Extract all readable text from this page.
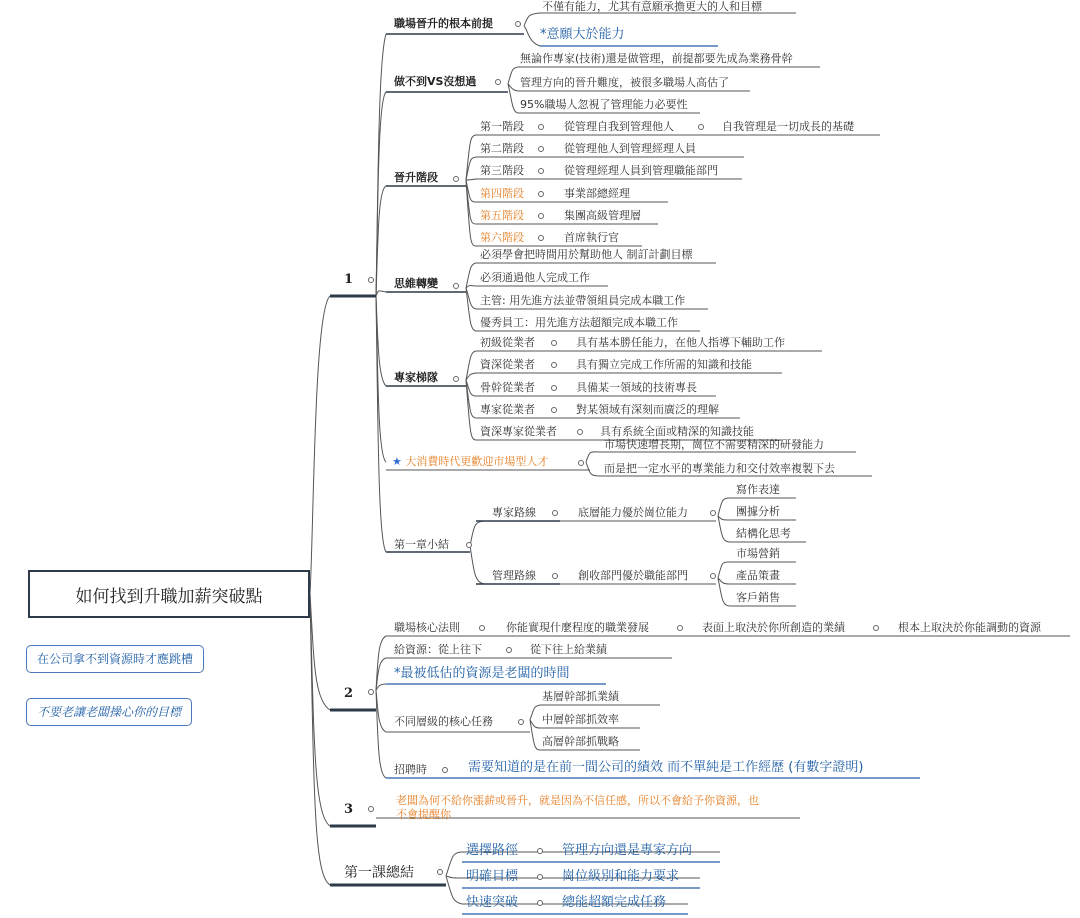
如何找到升職加薪突破點
在公司拿不到資源時才應跳槽
不要老讓老闆操心你的目標
1
職場晉升的根本前提
不僅有能力，尤其有意願承擔更大的人和目標
*意願大於能力
做不到VS沒想過
無論作專家(技術)還是做管理，前提都要先成為業務骨幹
管理方向的晉升難度，被很多職場人高估了
95%職場人忽視了管理能力必要性
晉升階段
第一階段	從管理自我到管理他人	自我管理是一切成長的基礎
第二階段	從管理他人到管理經理人員
第三階段	從管理經理人員到管理職能部門
第四階段	事業部總經理
第五階段	集團高級管理層
第六階段	首席執行官
思維轉變
必須學會把時間用於幫助他人 制訂計劃目標
必須通過他人完成工作
主管: 用先進方法並帶領組員完成本職工作
優秀員工：用先進方法超額完成本職工作
專家梯隊
初級從業者	具有基本勝任能力，在他人指導下輔助工作
資深從業者	具有獨立完成工作所需的知識和技能
骨幹從業者	具備某一領域的技術專長
專家從業者	對某領域有深刻而廣泛的理解
資深專家從業者	具有系統全面或精深的知識技能
★ 大消費時代更歡迎市場型人才
市場快速增長期，崗位不需要精深的研發能力
而是把一定水平的專業能力和交付效率複製下去
第一章小結
專家路線	底層能力優於崗位能力
寫作表達
團據分析
結構化思考
管理路線	創收部門優於職能部門
市場營銷
產品策畫
客戶銷售
2
職場核心法則	你能實現什麼程度的職業發展	表面上取決於你所創造的業績	根本上取決於你能調動的資源
給資源：從上往下	從下往上給業績
*最被低估的資源是老闆的時間
不同層級的核心任務
基層幹部抓業績
中層幹部抓效率
高層幹部抓戰略
招聘時	需要知道的是在前一間公司的績效 而不單純是工作經歷 (有數字證明)
3
老闆為何不給你漲薪或晉升，就是因為不信任感，所以不會給予你資源，也
不會提醒你
第一課總結
選擇路徑	管理方向還是專家方向
明確目標	崗位級別和能力要求
快速突破	總能超額完成任務
